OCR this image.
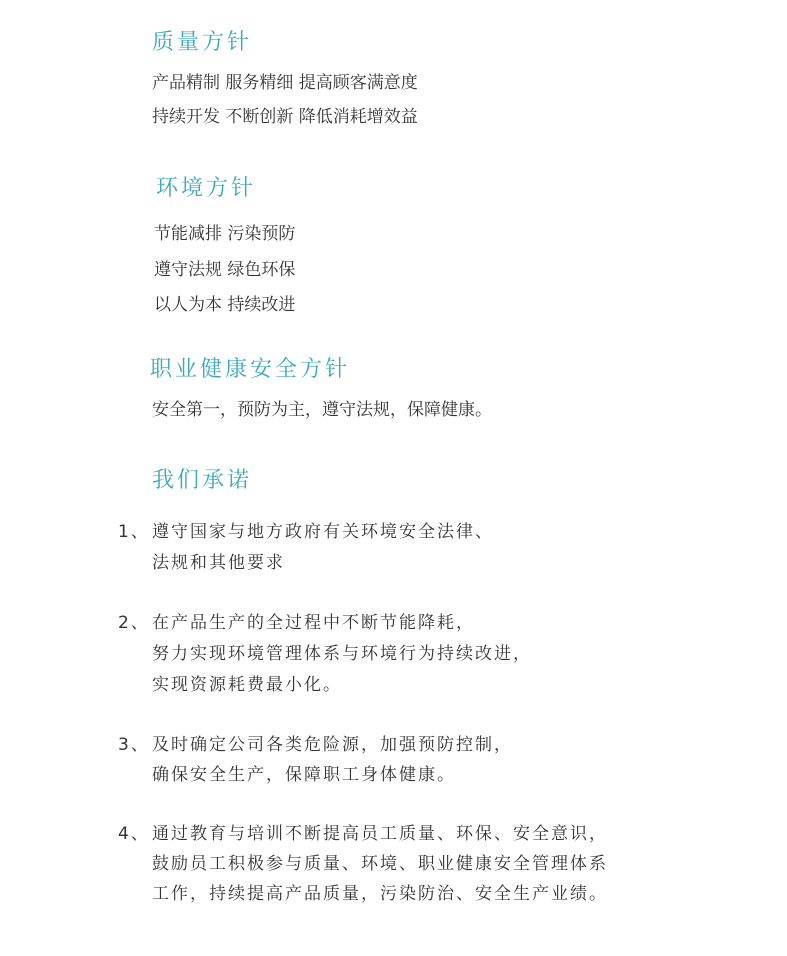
质量方针

产品精制 服务精细 提高顾客满意度

持续开发 不断创新 降低消耗增效益

环境方针

节能减排 污染预防

遵守法规 绿色环保

以人为本 持续改进

职业健康安全方针

安全第一，预防为主，遵守法规，保障健康。

我们承诺

1、 遵守国家与地方政府有关环境安全法律、

法规和其他要求

2、 在产品生产的全过程中不断节能降耗，

努力实现环境管理体系与环境行为持续改进，

实现资源耗费最小化。

3、 及时确定公司各类危险源，加强预防控制，

确保安全生产，保障职工身体健康。

4、 通过教育与培训不断提高员工质量、环保、安全意识，

鼓励员工积极参与质量、环境、职业健康安全管理体系

工作，持续提高产品质量，污染防治、安全生产业绩。
